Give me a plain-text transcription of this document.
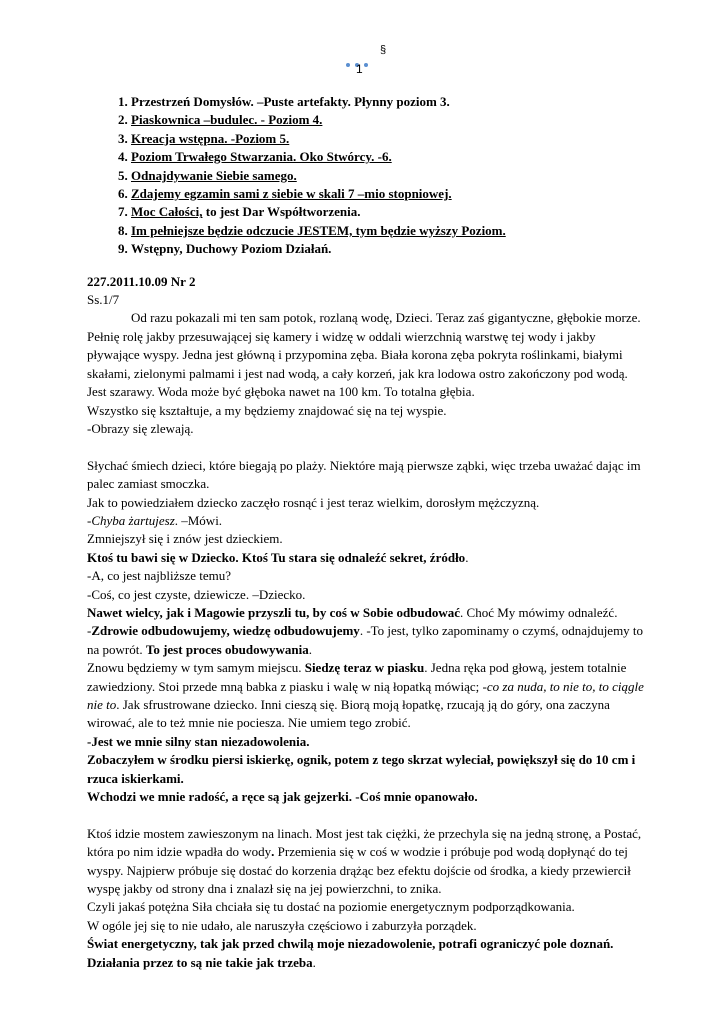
§
1
1. Przestrzeń Domysłów. –Puste artefakty. Płynny poziom 3.
2. Piaskownica –budulec. - Poziom 4.
3. Kreacja wstępna. -Poziom 5.
4. Poziom Trwałego Stwarzania. Oko Stwórcy. -6.
5. Odnajdywanie Siebie samego.
6. Zdajemy egzamin sami z siebie w skali 7 –mio stopniowej.
7. Moc Całości, to jest Dar Współtworzenia.
8. Im pełniejsze będzie odczucie JESTEM, tym będzie wyższy Poziom.
9. Wstępny, Duchowy Poziom Działań.

227.2011.10.09 Nr 2

Ss.1/7

Od razu pokazali mi ten sam potok, rozlaną wodę, Dzieci. Teraz zaś gigantyczne, głębokie morze. Pełnię rolę jakby przesuwającej się kamery i widzę w oddali wierzchnią warstwę tej wody i jakby pływające wyspy. Jedna jest główną i przypomina zęba. Biała korona zęba pokryta roślinkami, białymi skałami, zielonymi palmami i jest nad wodą, a cały korzeń, jak kra lodowa ostro zakończony pod wodą. Jest szarawy. Woda może być głęboka nawet na 100 km. To totalna głębia.

Wszystko się kształtuje, a my będziemy znajdować się na tej wyspie.

-Obrazy się zlewają.

Słychać śmiech dzieci, które biegają po plaży. Niektóre mają pierwsze ząbki, więc trzeba uważać dając im palec zamiast smoczka.

Jak to powiedziałem dziecko zaczęło rosnąć i jest teraz wielkim, dorosłym mężczyzną.

-Chyba żartujesz. –Mówi.

Zmniejszył się i znów jest dzieckiem.

Ktoś tu bawi się w Dziecko. Ktoś Tu stara się odnaleźć sekret, źródło.

-A, co jest najbliższe temu?

-Coś, co jest czyste, dziewicze. –Dziecko.

Nawet wielcy, jak i Magowie przyszli tu, by coś w Sobie odbudować. Choć My mówimy odnaleźć.

-Zdrowie odbudowujemy, wiedzę odbudowujemy. -To jest, tylko zapominamy o czymś, odnajdujemy to na powrót. To jest proces obudowywania.

Znowu będziemy w tym samym miejscu. Siedzę teraz w piasku. Jedna ręka pod głową, jestem totalnie zawiedziony. Stoi przede mną babka z piasku i walę w nią łopatką mówiąc; -co za nuda, to nie to, to ciągle nie to. Jak sfrustrowane dziecko. Inni cieszą się. Biorą moją łopatkę, rzucają ją do góry, ona zaczyna wirować, ale to też mnie nie pociesza. Nie umiem tego zrobić.

-Jest we mnie silny stan niezadowolenia.

Zobaczyłem w środku piersi iskierkę, ognik, potem z tego skrzat wyleciał, powiększył się do 10 cm i rzuca iskierkami.

Wchodzi we mnie radość, a ręce są jak gejzerki. -Coś mnie opanowało.

Ktoś idzie mostem zawieszonym na linach. Most jest tak ciężki, że przechyla się na jedną stronę, a Postać, która po nim idzie wpadła do wody. Przemienia się w coś w wodzie i próbuje pod wodą dopłynąć do tej wyspy. Najpierw próbuje się dostać do korzenia drążąc bez efektu dojście od środka, a kiedy przewiercił wyspę jakby od strony dna i znalazł się na jej powierzchni, to znika.

Czyli jakaś potężna Siła chciała się tu dostać na poziomie energetycznym podporządkowania.

W ogóle jej się to nie udało, ale naruszyła częściowo i zaburzyła porządek.

Świat energetyczny, tak jak przed chwilą moje niezadowolenie, potrafi ograniczyć pole doznań. Działania przez to są nie takie jak trzeba.
